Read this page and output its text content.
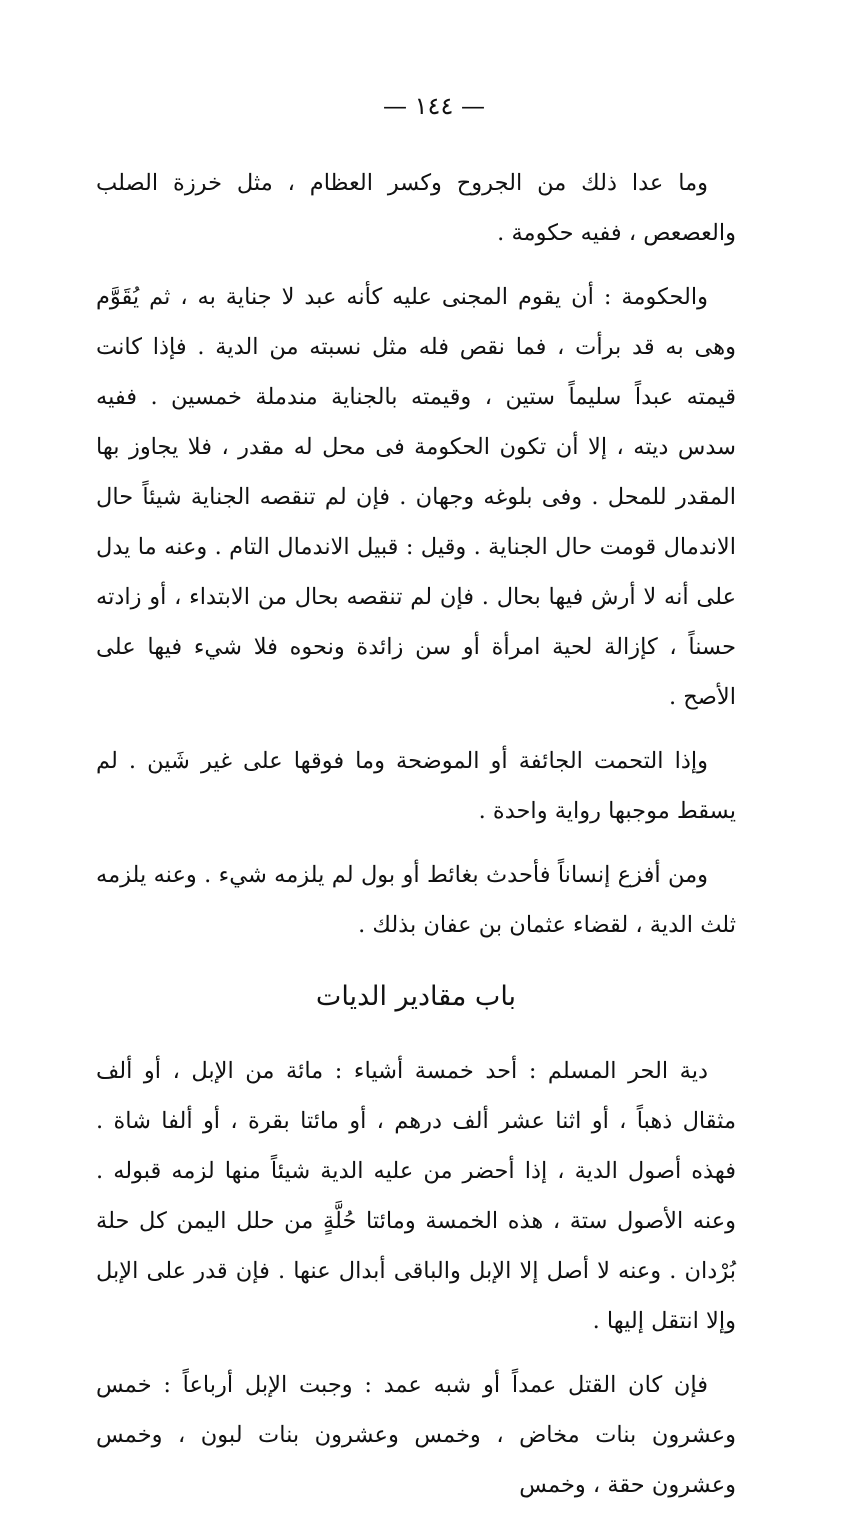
— ١٤٤ —

وما عدا ذلك من الجروح وكسر العظام ، مثل خرزة الصلب والعصعص ، ففيه حكومة .

والحكومة : أن يقوم المجنى عليه كأنه عبد لا جناية به ، ثم يُقَوَّم وهى به قد برأت ، فما نقص فله مثل نسبته من الدية . فإذا كانت قيمته عبداً سليماً ستين ، وقيمته بالجناية مندملة خمسين . ففيه سدس ديته ، إلا أن تكون الحكومة فى محل له مقدر ، فلا يجاوز بها المقدر للمحل . وفى بلوغه وجهان . فإن لم تنقصه الجناية شيئاً حال الاندمال قومت حال الجناية . وقيل : قبيل الاندمال التام . وعنه ما يدل على أنه لا أرش فيها بحال . فإن لم تنقصه بحال من الابتداء ، أو زادته حسناً ، كإزالة لحية امرأة أو سن زائدة ونحوه فلا شيء فيها على الأصح .

وإذا التحمت الجائفة أو الموضحة وما فوقها على غير شَين . لم يسقط موجبها رواية واحدة .

ومن أفزع إنساناً فأحدث بغائط أو بول لم يلزمه شيء . وعنه يلزمه ثلث الدية ، لقضاء عثمان بن عفان بذلك .

باب مقادير الديات

دية الحر المسلم : أحد خمسة أشياء : مائة من الإبل ، أو ألف مثقال ذهباً ، أو اثنا عشر ألف درهم ، أو مائتا بقرة ، أو ألفا شاة . فهذه أصول الدية ، إذا أحضر من عليه الدية شيئاً منها لزمه قبوله . وعنه الأصول ستة ، هذه الخمسة ومائتا حُلَّةٍ من حلل اليمن كل حلة بُرْدان . وعنه لا أصل إلا الإبل والباقى أبدال عنها . فإن قدر على الإبل وإلا انتقل إليها .

فإن كان القتل عمداً أو شبه عمد : وجبت الإبل أرباعاً : خمس وعشرون بنات مخاض ، وخمس وعشرون بنات لبون ، وخمس وعشرون حقة ، وخمس
